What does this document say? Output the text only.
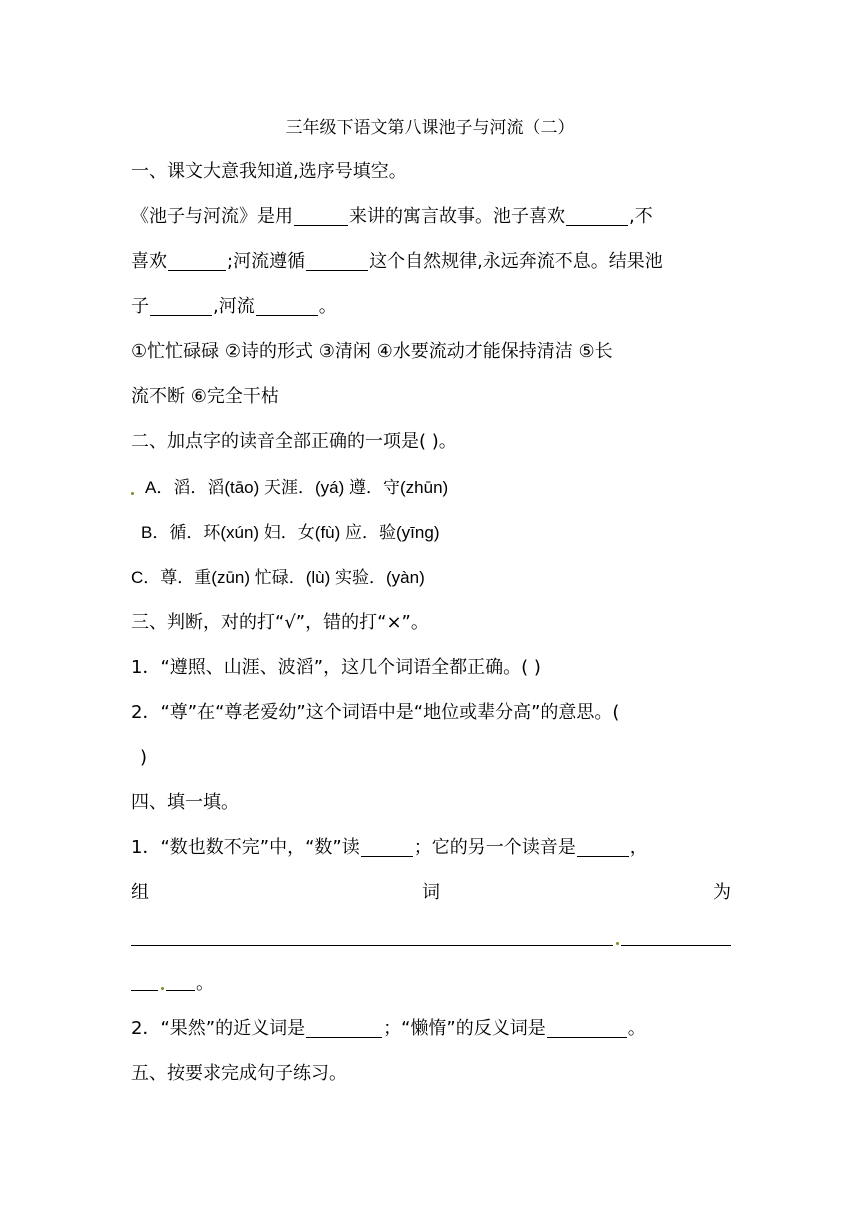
三年级下语文第八课池子与河流（二）
一、课文大意我知道,选序号填空。
《池子与河流》是用	来讲的寓言故事。池子喜欢	,不
喜欢	;河流遵循	这个自然规律,永远奔流不息。结果池
子	,河流	。
①忙忙碌碌 ②诗的形式 ③清闲 ④水要流动才能保持清洁 ⑤长
流不断 ⑥完全干枯
二、加点字的读音全部正确的一项是( )。
A．滔．滔(tāo) 天涯．(yá) 遵．守(zhūn)
B．循．环(xún) 妇．女(fù) 应．验(yīng)
C．尊．重(zūn) 忙碌．(lù) 实验．(yàn)
三、判断，对的打“√”，错的打“×”。
1．“遵照、山涯、波滔”，这几个词语全都正确。( )
2．“尊”在“尊老爱幼”这个词语中是“地位或辈分高”的意思。(
)
四、填一填。
1．“数也数不完”中，“数”读	；它的另一个读音是	，
组	词	为
。
2．“果然”的近义词是	；“懒惰”的反义词是	。
五、按要求完成句子练习。
